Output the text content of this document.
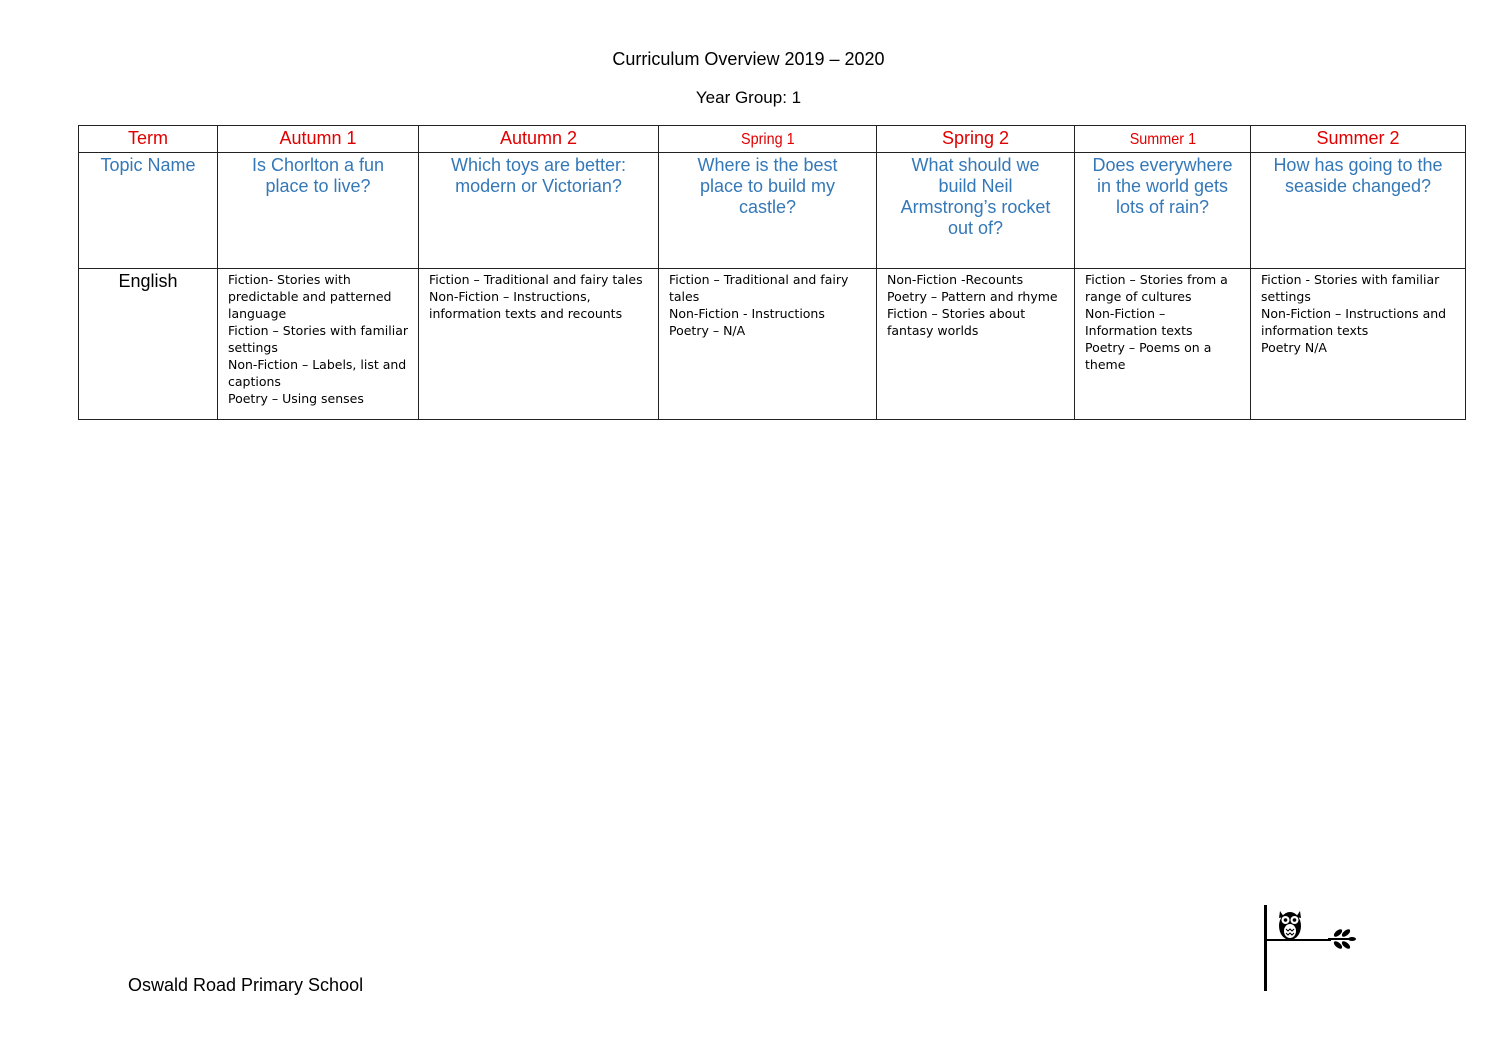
Curriculum Overview 2019 – 2020
Year Group: 1
Term	Autumn 1	Autumn 2	Spring 1	Spring 2	Summer 1	Summer 2
Topic Name	Is Chorlton a fun place to live?	Which toys are better: modern or Victorian?	Where is the best place to build my castle?	What should we build Neil Armstrong’s rocket out of?	Does everywhere in the world gets lots of rain?	How has going to the seaside changed?
English	Fiction- Stories with predictable and patterned language
Fiction – Stories with familiar settings
Non-Fiction – Labels, list and captions
Poetry – Using senses	Fiction – Traditional and fairy tales
Non-Fiction – Instructions, information texts and recounts	Fiction – Traditional and fairy tales
Non-Fiction - Instructions
Poetry – N/A	Non-Fiction -Recounts
Poetry – Pattern and rhyme
Fiction – Stories about fantasy worlds	Fiction – Stories from a range of cultures
Non-Fiction – Information texts
Poetry – Poems on a theme	Fiction - Stories with familiar settings
Non-Fiction – Instructions and information texts
Poetry N/A
Oswald Road Primary School
